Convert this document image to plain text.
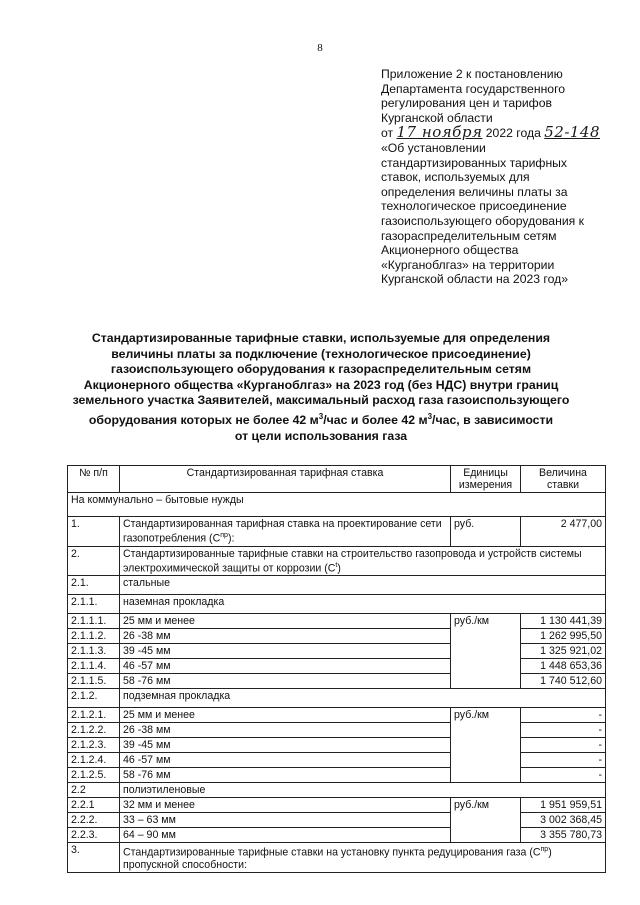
8
Приложение 2 к постановлению
Департамента государственного
регулирования цен и тарифов
Курганской области
от 17 ноября 2022 года 52-148
«Об установлении
стандартизированных тарифных
ставок, используемых для
определения величины платы за
технологическое присоединение
газоиспользующего оборудования к
газораспределительным сетям
Акционерного общества
«Курганоблгаз» на территории
Курганской области на 2023 год»
Стандартизированные тарифные ставки, используемые для определения
величины платы за подключение (технологическое присоединение)
газоиспользующего оборудования к газораспределительным сетям
Акционерного общества «Курганоблгаз» на 2023 год (без НДС) внутри границ
земельного участка Заявителей, максимальный расход газа газоиспользующего
оборудования которых не более 42 $м^3$/час и более 42 $м^3$/час, в зависимости
от цели использования газа
№ п/п	Стандартизированная тарифная ставка	Единицы измерения	Величина ставки
На коммунально – бытовые нужды			
1.	Стандартизированная тарифная ставка на проектирование сети газопотребления $(C^{пр})$:	руб.	2 477,00
2.	Стандартизированные тарифные ставки на строительство газопровода и устройств системы электрохимической защиты от коррозии $(C^t)$		
2.1.	стальные		
2.1.1.	наземная прокладка		
2.1.1.1.	25 мм и менее	руб./км	1 130 441,39
2.1.1.2.	26 -38 мм		1 262 995,50
2.1.1.3.	39 -45 мм		1 325 921,02
2.1.1.4.	46 -57 мм		1 448 653,36
2.1.1.5.	58 -76 мм		1 740 512,60
2.1.2.	подземная прокладка		
2.1.2.1.	25 мм и менее	руб./км	-
2.1.2.2.	26 -38 мм		-
2.1.2.3.	39 -45 мм		-
2.1.2.4.	46 -57 мм		-
2.1.2.5.	58 -76 мм		-
2.2	полиэтиленовые		
2.2.1	32 мм и менее	руб./км	1 951 959,51
2.2.2.	33 – 63 мм		3 002 368,45
2.2.3.	64 – 90 мм		3 355 780,73
3.	Стандартизированные тарифные ставки на установку пункта редуцирования газа $(C^{пр})$ пропускной способности:		
